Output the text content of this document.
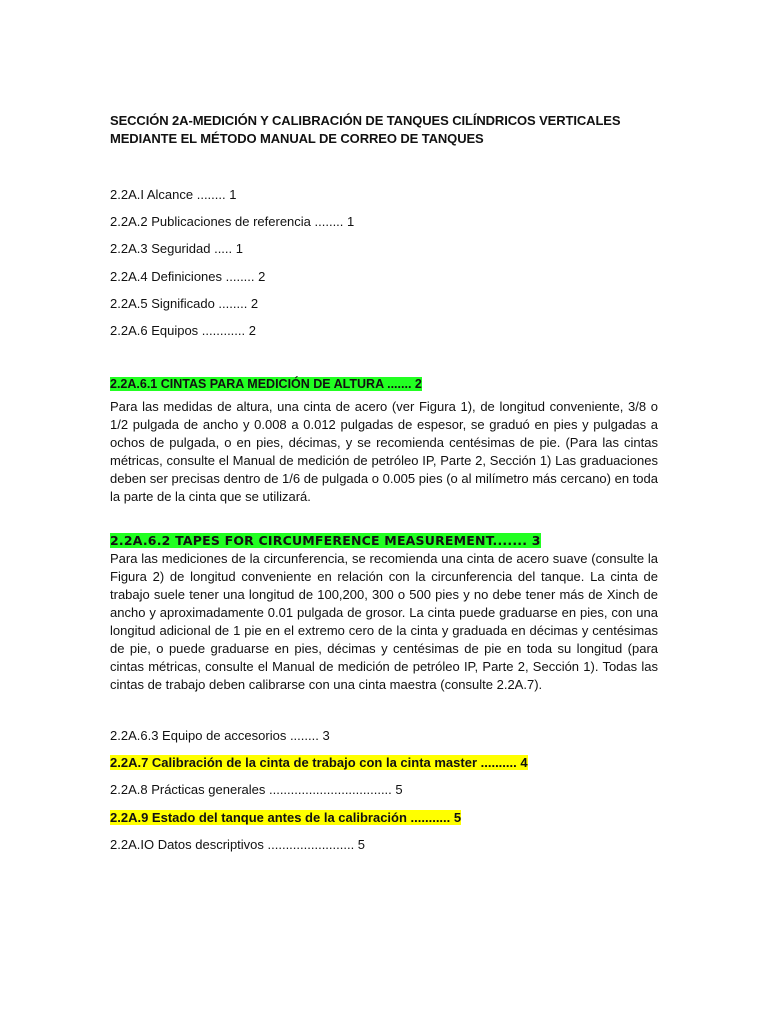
SECCIÓN 2A-MEDICIÓN Y CALIBRACIÓN DE TANQUES CILÍNDRICOS VERTICALES MEDIANTE EL MÉTODO MANUAL DE CORREO DE TANQUES

2.2A.I Alcance ........ 1
2.2A.2 Publicaciones de referencia ........ 1
2.2A.3 Seguridad ..... 1
2.2A.4 Definiciones ........ 2
2.2A.5 Significado ........ 2
2.2A.6 Equipos ............ 2
2.2A.6.1 CINTAS PARA MEDICIÓN DE ALTURA ....... 2

Para las medidas de altura, una cinta de acero (ver Figura 1), de longitud conveniente, 3/8 o 1/2 pulgada de ancho y 0.008 a 0.012 pulgadas de espesor, se graduó en pies y pulgadas a ochos de pulgada, o en pies, décimas, y se recomienda centésimas de pie. (Para las cintas métricas, consulte el Manual de medición de petróleo IP, Parte 2, Sección 1) Las graduaciones deben ser precisas dentro de 1/6 de pulgada o 0.005 pies (o al milímetro más cercano) en toda la parte de la cinta que se utilizará.

2.2A.6.2 TAPES FOR CIRCUMFERENCE MEASUREMENT....... 3

Para las mediciones de la circunferencia, se recomienda una cinta de acero suave (consulte la Figura 2) de longitud conveniente en relación con la circunferencia del tanque. La cinta de trabajo suele tener una longitud de 100,200, 300 o 500 pies y no debe tener más de Xinch de ancho y aproximadamente 0.01 pulgada de grosor. La cinta puede graduarse en pies, con una longitud adicional de 1 pie en el extremo cero de la cinta y graduada en décimas y centésimas de pie, o puede graduarse en pies, décimas y centésimas de pie en toda su longitud (para cintas métricas, consulte el Manual de medición de petróleo IP, Parte 2, Sección 1). Todas las cintas de trabajo deben calibrarse con una cinta maestra (consulte 2.2A.7).

2.2A.6.3 Equipo de accesorios ........ 3
2.2A.7 Calibración de la cinta de trabajo con la cinta master .......... 4
2.2A.8 Prácticas generales .................................. 5
2.2A.9 Estado del tanque antes de la calibración ........... 5
2.2A.IO Datos descriptivos ........................ 5
